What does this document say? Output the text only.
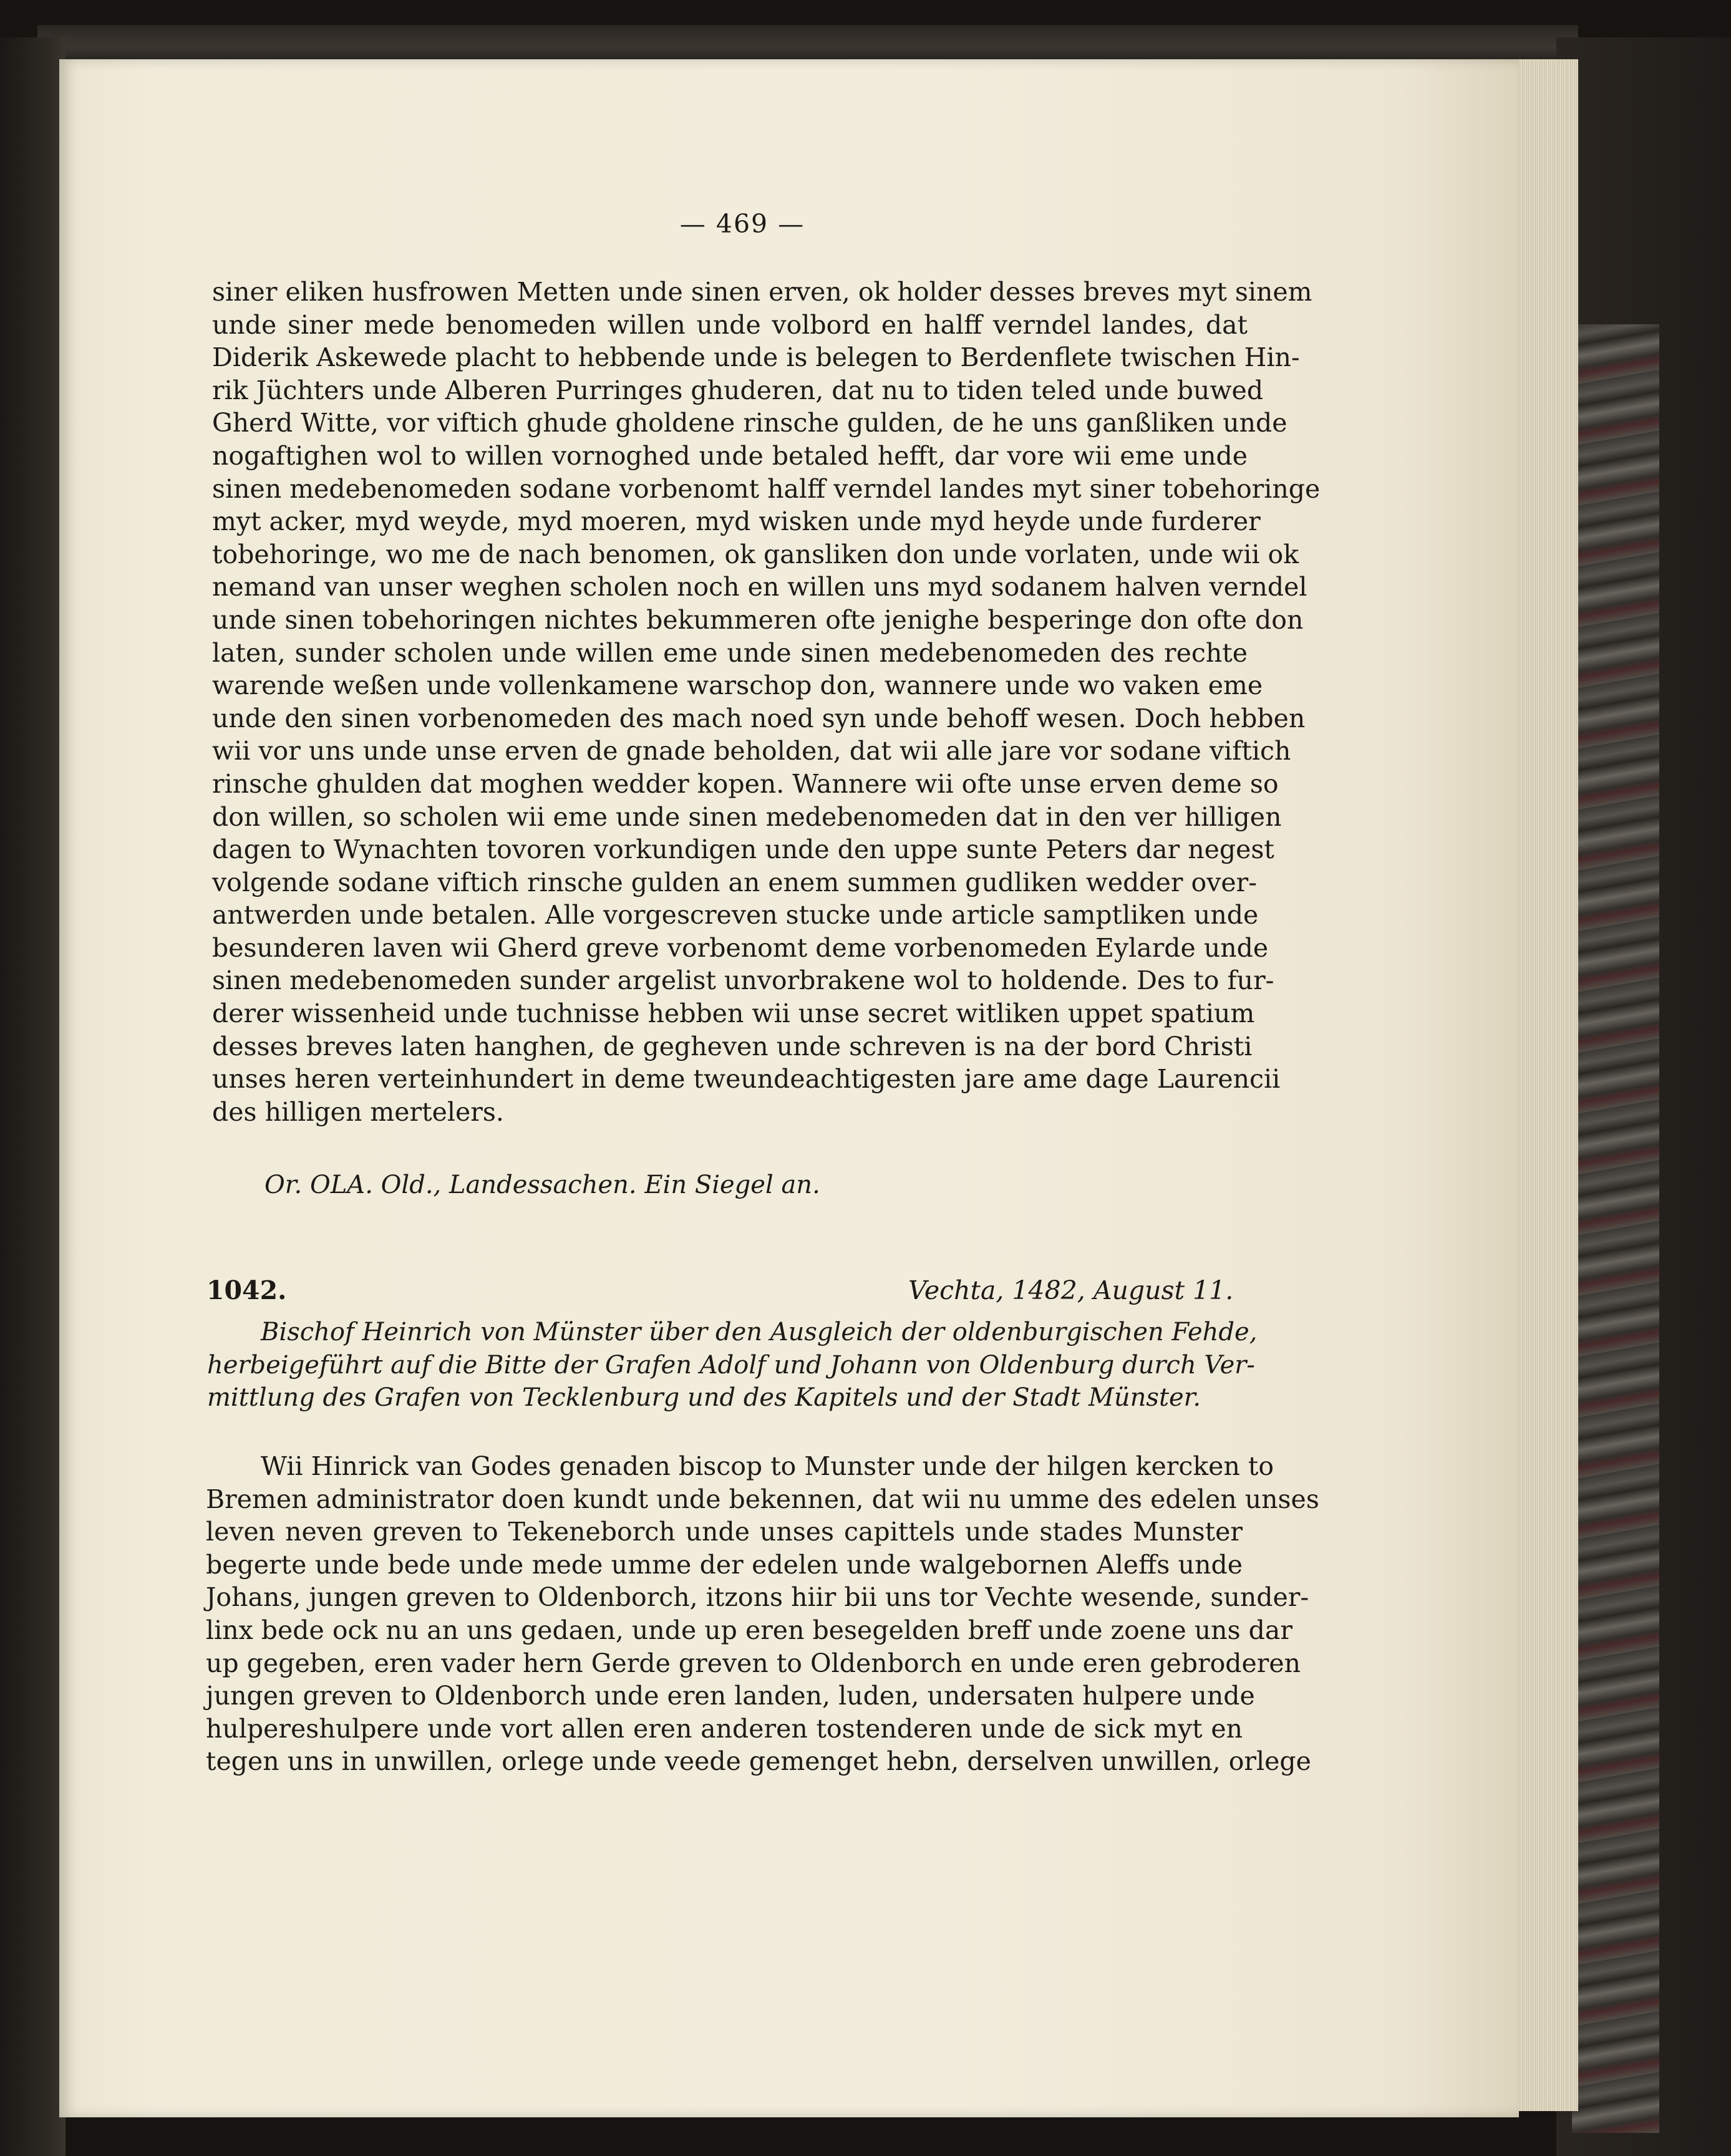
— 469 —
siner eliken husfrowen Metten unde sinen erven, ok holder desses breves myt sinem
unde siner mede benomeden willen unde volbord en halff verndel landes, dat
Diderik Askewede placht to hebbende unde is belegen to Berdenflete twischen Hin-
rik Jüchters unde Alberen Purringes ghuderen, dat nu to tiden teled unde buwed
Gherd Witte, vor viftich ghude gholdene rinsche gulden, de he uns ganßliken unde
nogaftighen wol to willen vornoghed unde betaled hefft, dar vore wii eme unde
sinen medebenomeden sodane vorbenomt halff verndel landes myt siner tobehoringe
myt acker, myd weyde, myd moeren, myd wisken unde myd heyde unde furderer
tobehoringe, wo me de nach benomen, ok gansliken don unde vorlaten, unde wii ok
nemand van unser weghen scholen noch en willen uns myd sodanem halven verndel
unde sinen tobehoringen nichtes bekummeren ofte jenighe besperinge don ofte don
laten, sunder scholen unde willen eme unde sinen medebenomeden des rechte
warende weßen unde vollenkamene warschop don, wannere unde wo vaken eme
unde den sinen vorbenomeden des mach noed syn unde behoff wesen. Doch hebben
wii vor uns unde unse erven de gnade beholden, dat wii alle jare vor sodane viftich
rinsche ghulden dat moghen wedder kopen. Wannere wii ofte unse erven deme so
don willen, so scholen wii eme unde sinen medebenomeden dat in den ver hilligen
dagen to Wynachten tovoren vorkundigen unde den uppe sunte Peters dar negest
volgende sodane viftich rinsche gulden an enem summen gudliken wedder over-
antwerden unde betalen. Alle vorgescreven stucke unde article samptliken unde
besunderen laven wii Gherd greve vorbenomt deme vorbenomeden Eylarde unde
sinen medebenomeden sunder argelist unvorbrakene wol to holdende. Des to fur-
derer wissenheid unde tuchnisse hebben wii unse secret witliken uppet spatium
desses breves laten hanghen, de gegheven unde schreven is na der bord Christi
unses heren verteinhundert in deme tweundeachtigesten jare ame dage Laurencii
des hilligen mertelers.
Or. OLA. Old., Landessachen. Ein Siegel an.
1042.	Vechta, 1482, August 11.
Bischof Heinrich von Münster über den Ausgleich der oldenburgischen Fehde,
herbeigeführt auf die Bitte der Grafen Adolf und Johann von Oldenburg durch Ver-
mittlung des Grafen von Tecklenburg und des Kapitels und der Stadt Münster.
Wii Hinrick van Godes genaden biscop to Munster unde der hilgen kercken to
Bremen administrator doen kundt unde bekennen, dat wii nu umme des edelen unses
leven neven greven to Tekeneborch unde unses capittels unde stades Munster
begerte unde bede unde mede umme der edelen unde walgebornen Aleffs unde
Johans, jungen greven to Oldenborch, itzons hiir bii uns tor Vechte wesende, sunder-
linx bede ock nu an uns gedaen, unde up eren besegelden breff unde zoene uns dar
up gegeben, eren vader hern Gerde greven to Oldenborch en unde eren gebroderen
jungen greven to Oldenborch unde eren landen, luden, undersaten hulpere unde
hulpereshulpere unde vort allen eren anderen tostenderen unde de sick myt en
tegen uns in unwillen, orlege unde veede gemenget hebn, derselven unwillen, orlege
